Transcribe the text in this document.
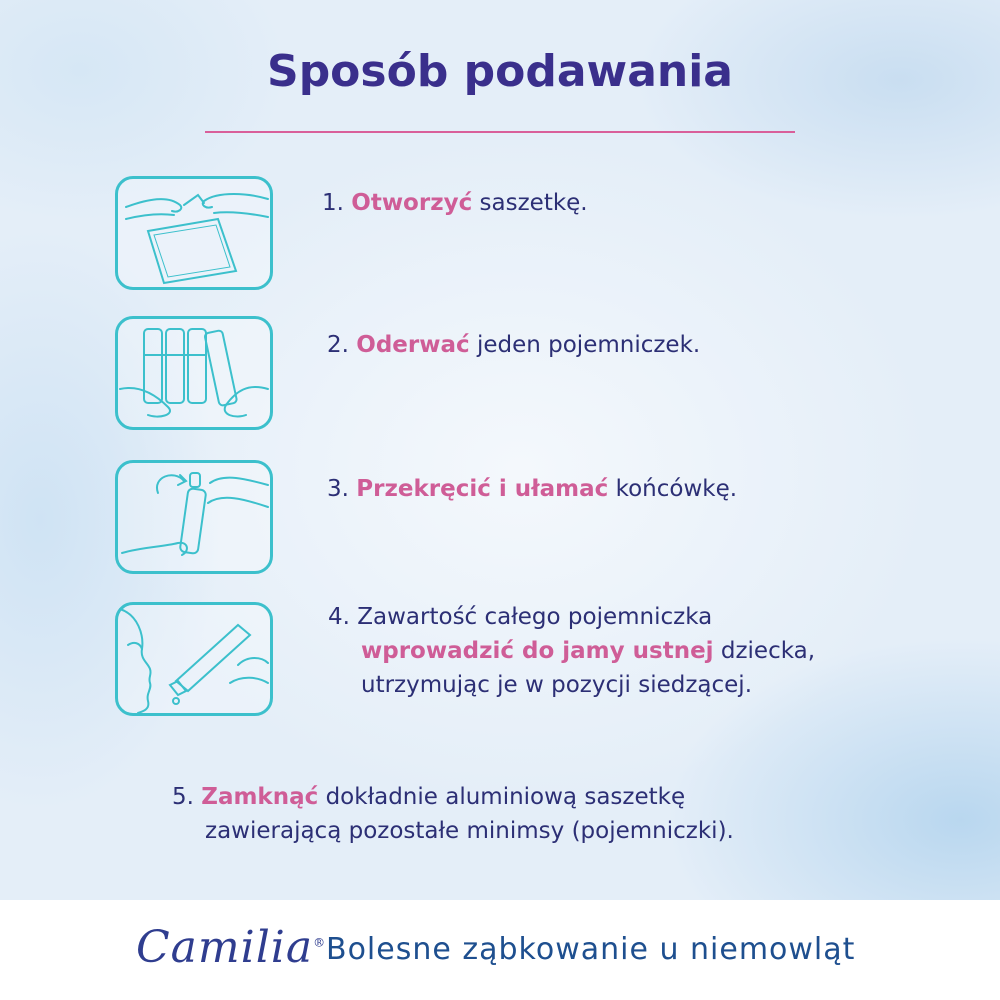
Sposób podawania
1. Otworzyć saszetkę.
2. Oderwać jeden pojemniczek.
3. Przekręcić i ułamać końcówkę.
4. Zawartość całego pojemniczka
wprowadzić do jamy ustnej dziecka,
utrzymując je w pozycji siedzącej.
5. Zamknąć dokładnie aluminiową saszetkę
zawierającą pozostałe minimsy (pojemniczki).
Camilia® Bolesne ząbkowanie u niemowląt
